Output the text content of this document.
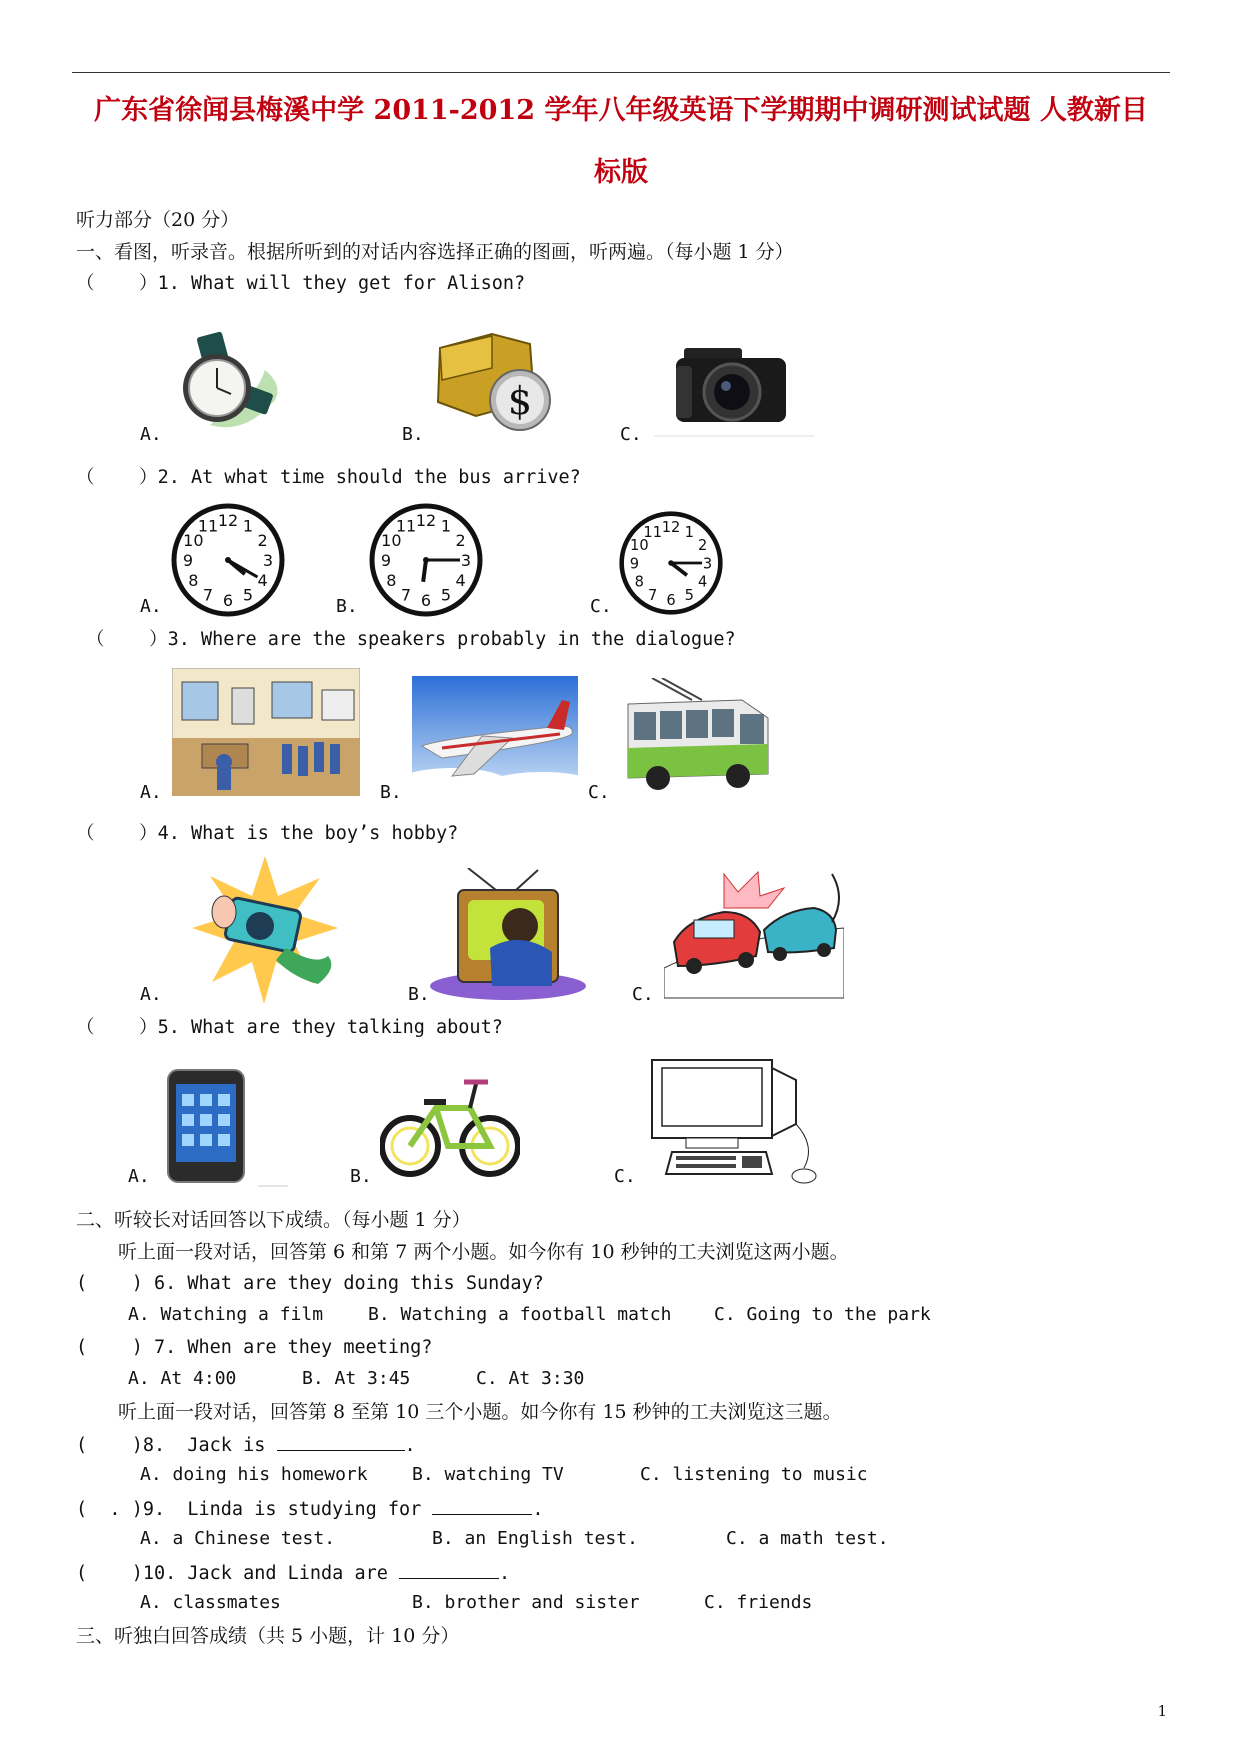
广东省徐闻县梅溪中学 2011-2012 学年八年级英语下学期期中调研测试试题 人教新目
标版
听力部分（20 分）
一、看图，听录音。根据所听到的对话内容选择正确的图画，听两遍。（每小题 1 分）
（    ）1. What will they get for Alison?
A.	B.	C.
$
（    ）2. At what time should the bus arrive?
A.	B.	C.
1
2
3
4
5
6
7
8
9
10
11 12	1
2
3
4
5
6
7
8
9
10
11 12
1
2
3
4
5
6
7
8
9
10
11 12
（    ）3. Where are the speakers probably in the dialogue?
A.	B.	C.
（    ）4. What is the boy’s hobby?
A.	B.	C.
（    ）5. What are they talking about?
A.	B.	C.
二、听较长对话回答以下成绩。（每小题 1 分）
听上面一段对话，回答第 6 和第 7 两个小题。如今你有 10 秒钟的工夫浏览这两小题。
(    ) 6. What are they doing this Sunday?
A. Watching a film B. Watching a football match C. Going to the park
(    ) 7. When are they meeting?
A. At 4:00	B. At 3:45	C. At 3:30
听上面一段对话，回答第 8 至第 10 三个小题。如今你有 15 秒钟的工夫浏览这三题。
(    )8.  Jack is	.
A. doing his homework B. watching TV	C. listening to music
(  . )9.  Linda is studying for	.
A. a Chinese test.	B. an English test.	C. a math test.
(    )10. Jack and Linda are	.
A. classmates	B. brother and sister	C. friends
三、听独白回答成绩（共 5 小题，计 10 分）
1
